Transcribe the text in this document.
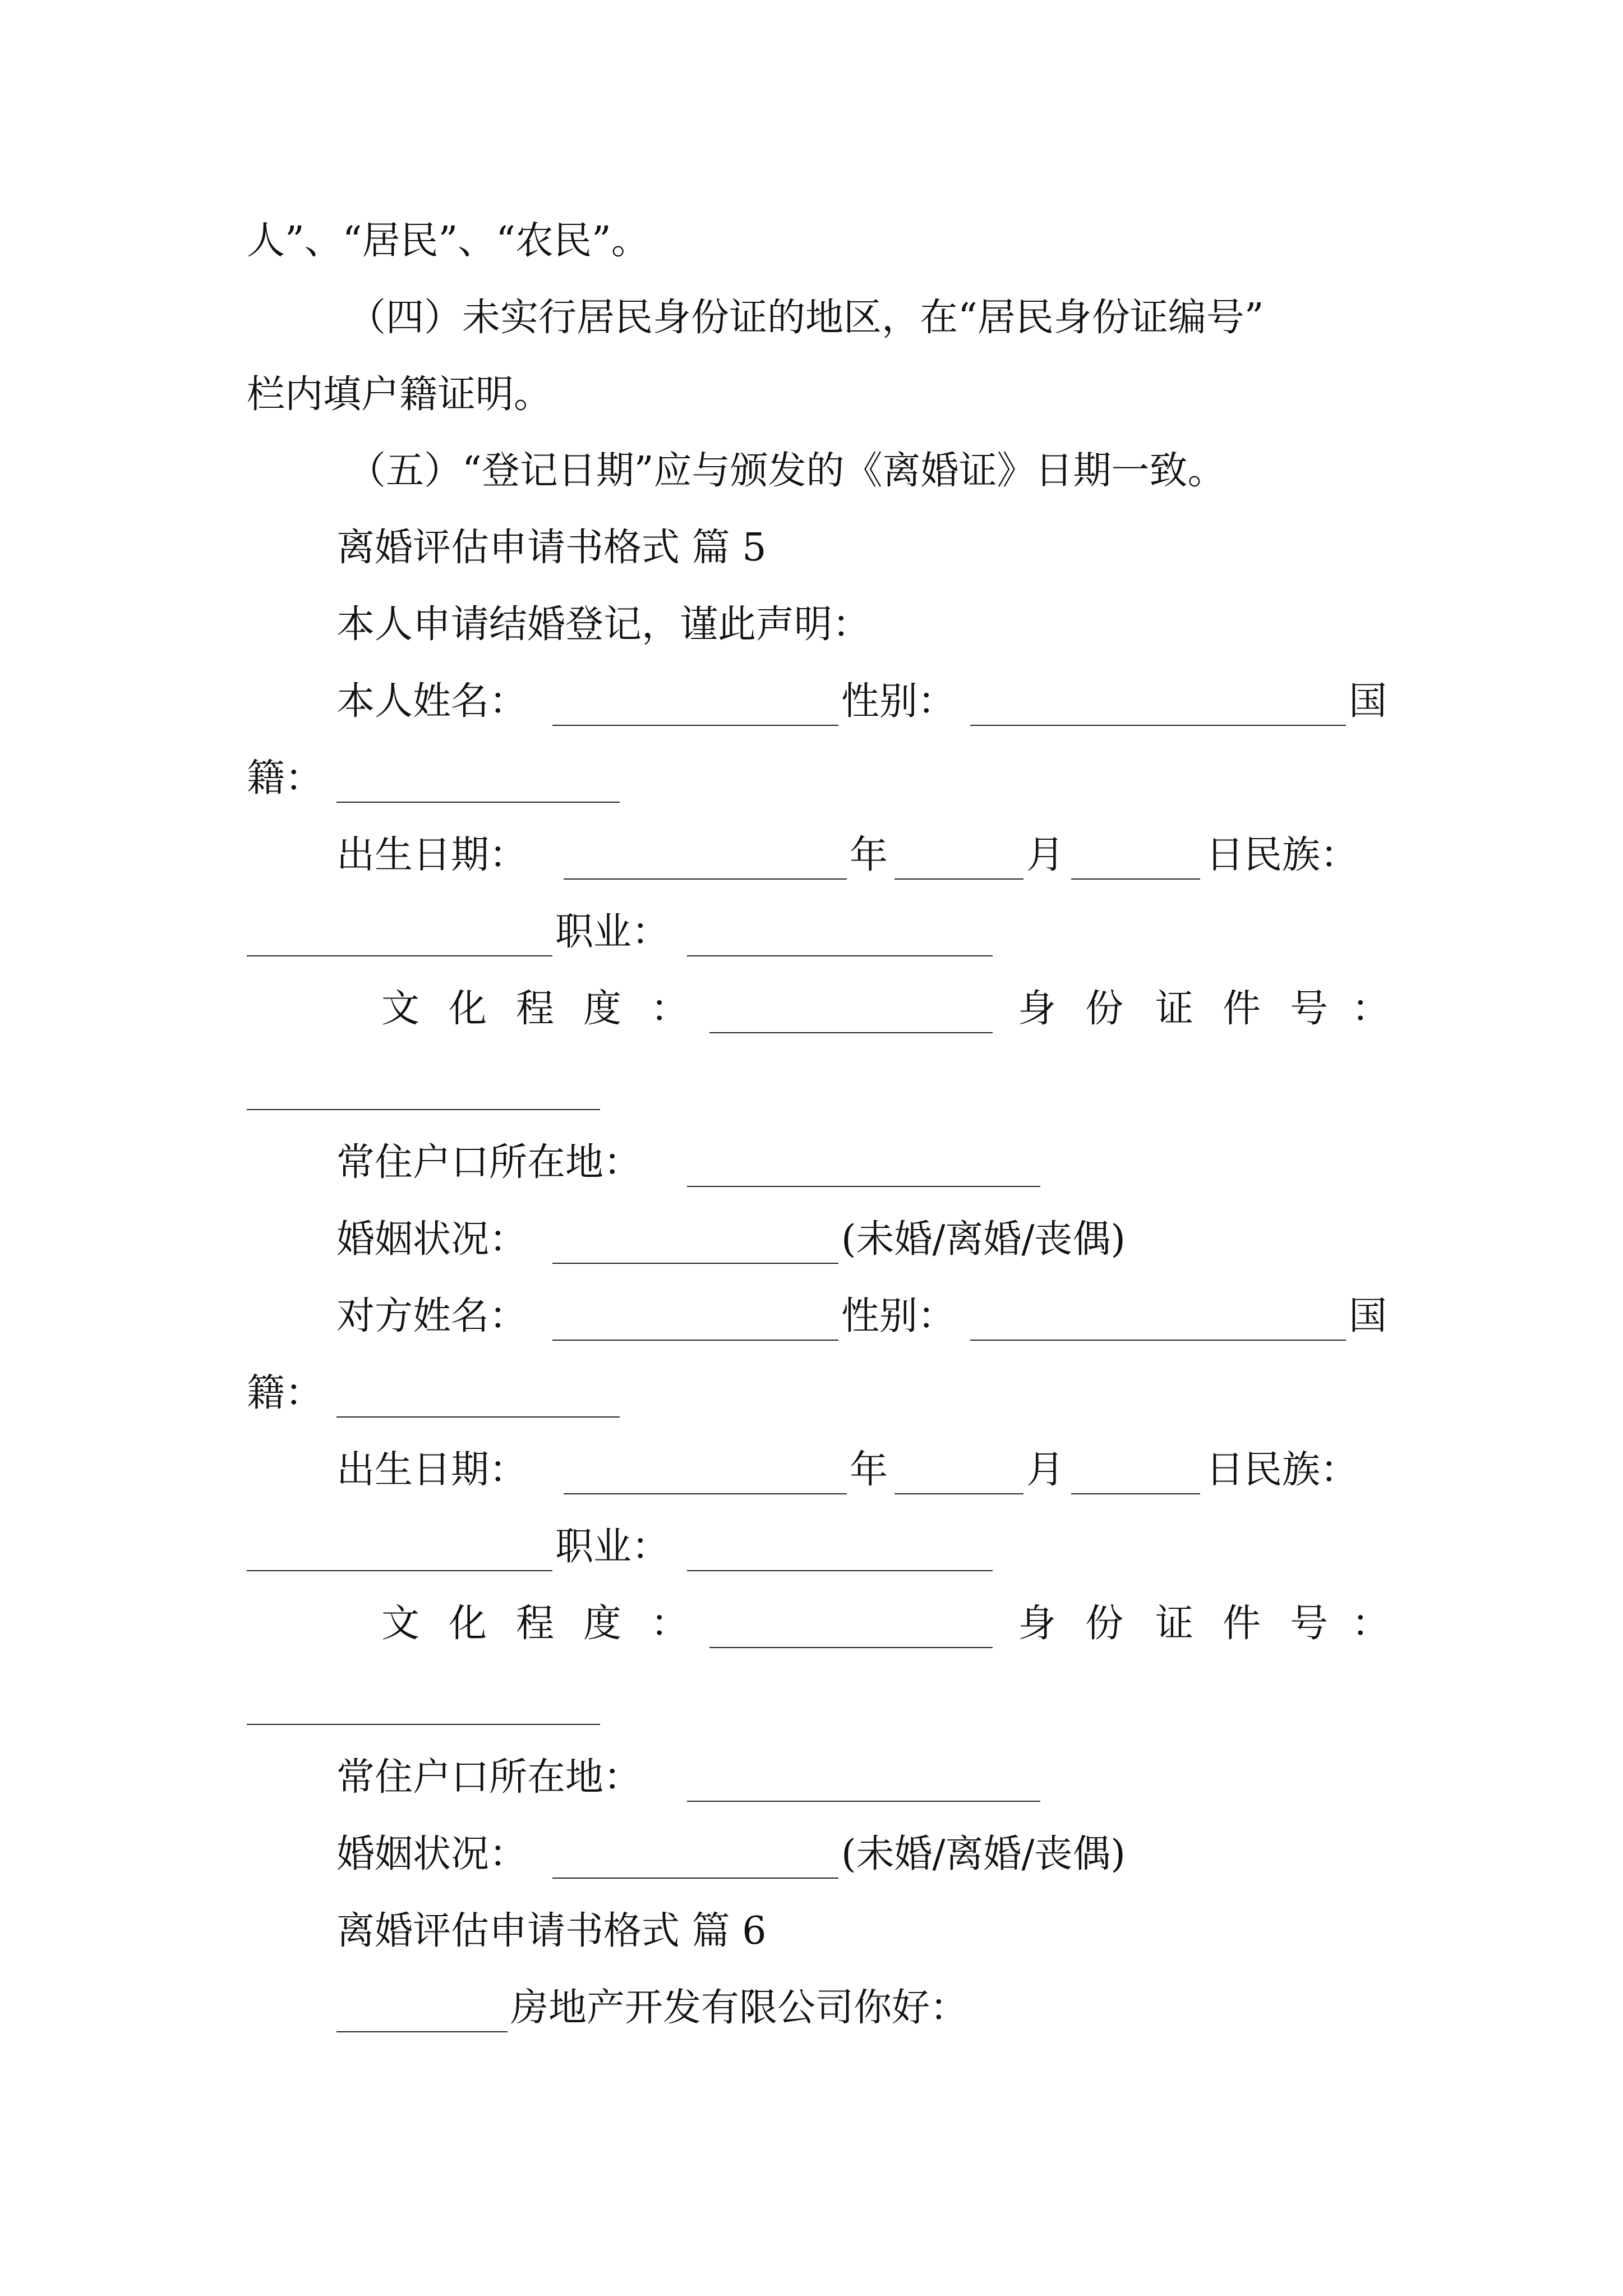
人”、“居民”、“农民”。
（四）未实行居民身份证的地区，在“居民身份证编号”
栏内填户籍证明。
（五）“登记日期”应与颁发的《离婚证》日期一致。
离婚评估申请书格式 篇 5
本人申请结婚登记，谨此声明：
本人姓名：	性别：	国
籍：
出生日期：	年	月	日民族：
职业：
文 化 程 度 ：	身 份 证 件 号 ：
常住户口所在地：
婚姻状况：	(未婚/离婚/丧偶)
对方姓名：	性别：	国
籍：
出生日期：	年	月	日民族：
职业：
文 化 程 度 ：	身 份 证 件 号 ：
常住户口所在地：
婚姻状况：	(未婚/离婚/丧偶)
离婚评估申请书格式 篇 6
房地产开发有限公司你好：
